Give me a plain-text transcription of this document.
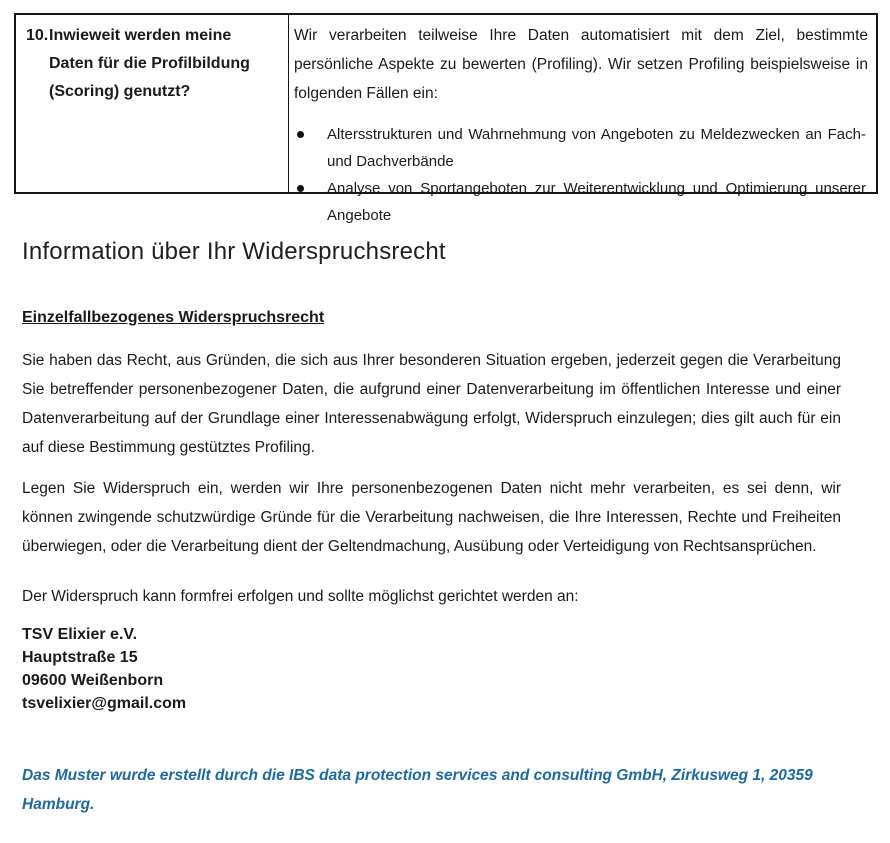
10. Inwieweit werden meine Daten für die Profilbildung (Scoring) genutzt?

Wir verarbeiten teilweise Ihre Daten automatisiert mit dem Ziel, bestimmte persönliche Aspekte zu bewerten (Profiling). Wir setzen Profiling beispielsweise in folgenden Fällen ein:

Altersstrukturen und Wahrnehmung von Angeboten zu Meldezwecken an Fach- und Dachverbände
Analyse von Sportangeboten zur Weiterentwicklung und Optimierung unserer Angebote
Information über Ihr Widerspruchsrecht
Einzelfallbezogenes Widerspruchsrecht

Sie haben das Recht, aus Gründen, die sich aus Ihrer besonderen Situation ergeben, jederzeit gegen die Verarbeitung Sie betreffender personenbezogener Daten, die aufgrund einer Datenverarbeitung im öffentlichen Interesse und einer Datenverarbeitung auf der Grundlage einer Interessenabwägung erfolgt, Widerspruch einzulegen; dies gilt auch für ein auf diese Bestimmung gestütztes Profiling.

Legen Sie Widerspruch ein, werden wir Ihre personenbezogenen Daten nicht mehr verarbeiten, es sei denn, wir können zwingende schutzwürdige Gründe für die Verarbeitung nachweisen, die Ihre Interessen, Rechte und Freiheiten überwiegen, oder die Verarbeitung dient der Geltendmachung, Ausübung oder Verteidigung von Rechtsansprüchen.

Der Widerspruch kann formfrei erfolgen und sollte möglichst gerichtet werden an:

TSV Elixier e.V.
Hauptstraße 15
09600 Weißenborn
tsvelixier@gmail.com

Das Muster wurde erstellt durch die IBS data protection services and consulting GmbH, Zirkusweg 1, 20359 Hamburg.
